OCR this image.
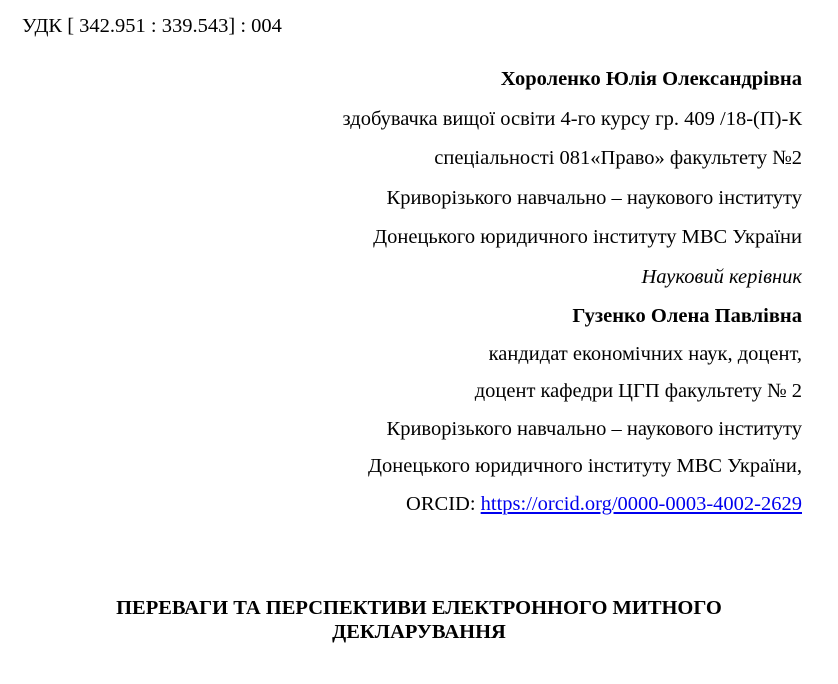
УДК [ 342.951 : 339.543] : 004
Хороленко Юлія Олександрівна
здобувачка вищої освіти 4-го курсу гр. 409 /18-(П)-К
спеціальності 081«Право» факультету №2
Криворізького навчально – наукового інституту
Донецького юридичного інституту МВС України
Науковий керівник
Гузенко Олена Павлівна
кандидат економічних наук, доцент,
доцент кафедри ЦГП факультету № 2
Криворізького навчально – наукового інституту
Донецького юридичного інституту МВС України,
ORCID: https://orcid.org/0000-0003-4002-2629
ПЕРЕВАГИ ТА ПЕРСПЕКТИВИ ЕЛЕКТРОННОГО МИТНОГО
ДЕКЛАРУВАННЯ
